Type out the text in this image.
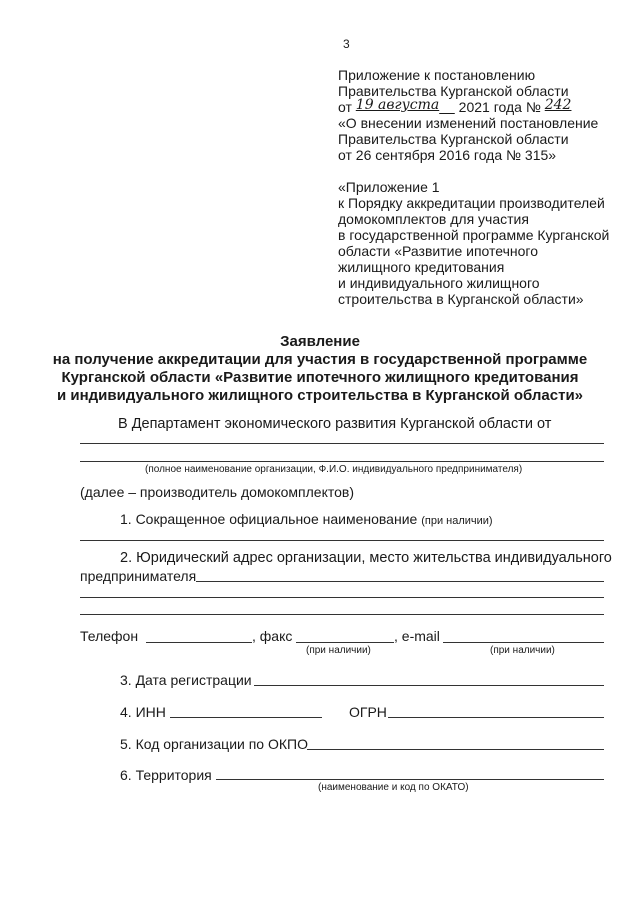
3
Приложение к постановлению
Правительства Курганской области
от 19 августа 2021 года № 242
«О внесении изменений постановление
Правительства Курганской области
от 26 сентября 2016 года № 315»
«Приложение 1
к Порядку аккредитации производителей
домокомплектов для участия
в государственной программе Курганской
области «Развитие ипотечного
жилищного кредитования
и индивидуального жилищного
строительства в Курганской области»
Заявление
на получение аккредитации для участия в государственной программе
Курганской области «Развитие ипотечного жилищного кредитования
и индивидуального жилищного строительства в Курганской области»
В Департамент экономического развития Курганской области от
(полное наименование организации, Ф.И.О. индивидуального предпринимателя)
(далее – производитель домокомплектов)
1. Сокращенное официальное наименование (при наличии)
2. Юридический адрес организации, место жительства индивидуального
предпринимателя
Телефон	, факс	, e-mail
(при наличии)	(при наличии)
3. Дата регистрации
4. ИНН	ОГРН
5. Код организации по ОКПО
6. Территория
(наименование и код по ОКАТО)
